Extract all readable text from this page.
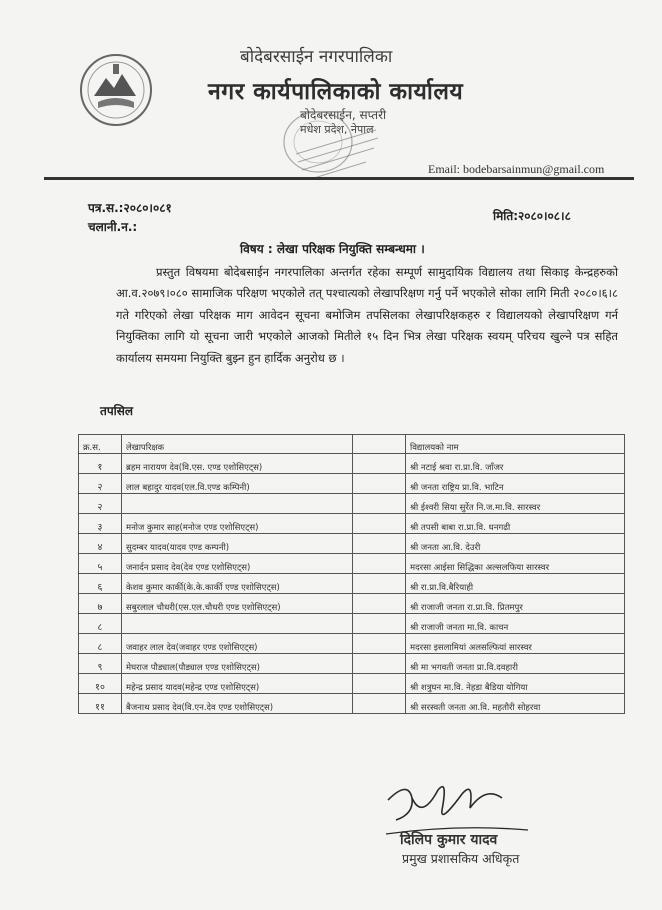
बोदेबरसाईन नगरपालिका
नगर कार्यपालिकाको कार्यालय
बोदेबरसाईन, सप्तरी
मधेश प्रदेश, नेपाल
Email: bodebarsainmun@gmail.com
पत्र.स.:२०८०।०८१
चलानी.न.:
मिति:२०८०।०८।८
विषय : लेखा परिक्षक नियुक्ति सम्बन्धमा ।
प्रस्तुत विषयमा बोदेबसाईन नगरपालिका अन्तर्गत रहेका सम्पूर्ण सामुदायिक विद्यालय तथा सिकाइ केन्द्रहरुको आ.व.२०७९।०८० सामाजिक परिक्षण भएकोले तत् पश्चात्यको लेखापरिक्षण गर्नु पर्ने भएकोले सोका लागि मिती २०८०।६।८ गते गरिएको लेखा परिक्षक माग आवेदन सूचना बमोजिम तपसिलका लेखापरिक्षकहरु र विद्यालयको लेखापरिक्षण गर्न नियुक्तिका लागि यो सूचना जारी भएकोले आजको मितीले १५ दिन भित्र लेखा परिक्षक स्वयम् परिचय खुल्ने पत्र सहित कार्यालय समयमा नियुक्ति बुझ्न हुन हार्दिक अनुरोध छ ।
तपसिल
क्र.स.	लेखापरिक्षक		विद्यालयको नाम
१	ब्रहम नारायण देव(वि.एस. एण्ड एशोसिएट्स)		श्री नटाई श्रवा रा.प्रा.वि. जाँजर
२	लाल बहादुर यादव(एल.वि.एण्ड कम्पिनी)		श्री जनता राष्ट्रिय प्रा.वि. भाटिन
२			श्री ईश्वरी सिया सुर्रेत नि.ज.मा.वि. सारस्वर
३	मनोज कुमार साह(मनोज एण्ड एशोसिएट्स)		श्री तपसी बाबा रा.प्रा.वि. धनगढी
४	सुदम्बर यादव(यादव एण्ड कम्पनी)		श्री जनता आ.वि. देउरी
५	जनार्दन प्रसाद देव(देव एण्ड एशोसिएट्स)		मदरसा आईसा सिद्धिका अल्सलफिया सारस्वर
६	केशव कुमार कार्की(के.के.कार्की एण्ड एशोसिएट्स)		श्री रा.प्रा.वि.बैरियाही
७	सबुरलाल चौधरी(एस.एल.चौधरी एण्ड एशोसिएट्स)		श्री राजाजी जनता रा.प्रा.वि. प्रितमपुर
८			श्री राजाजी जनता मा.वि. काचन
८	जवाहर लाल देव(जवाहर एण्ड एशोसिएट्स)		मदरसा इसलामियां अलसल्फियां सारस्वर
९	मेघराज पौड्याल(पौड्याल एण्ड एशोसिएट्स)		श्री मा भगवती जनता प्रा.वि.दवहारी
१०	महेन्द्र प्रसाद यादव(महेन्द्र एण्ड एशोसिएट्स)		श्री शत्रुघन मा.वि. नेहडा बैडिया योगिया
११	बैजनाथ प्रसाद देव(वि.एन.देव एण्ड एशोसिएट्स)		श्री सरस्वती जनता आ.वि. महतौरी सोहरवा
दिलिप कुमार यादव
प्रमुख प्रशासकिय अधिकृत
